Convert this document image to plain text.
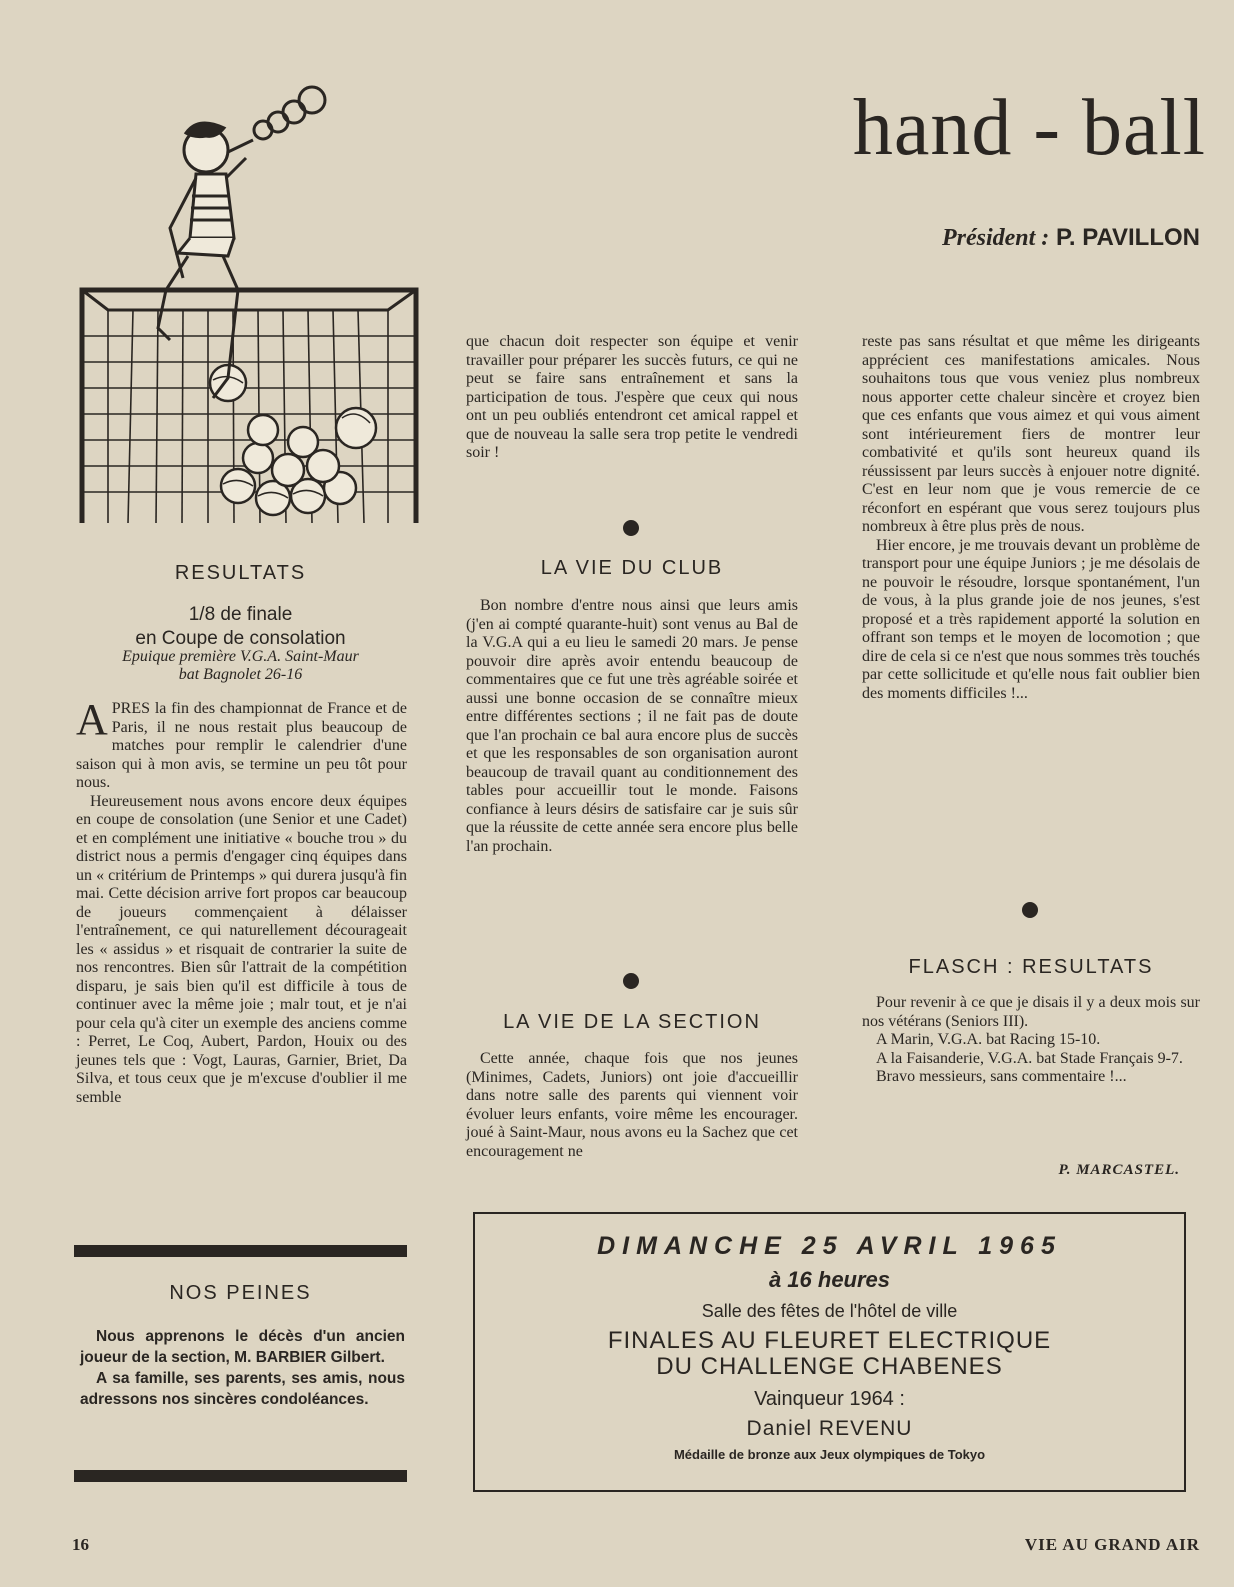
hand - ball
Président : P. PAVILLON
RESULTATS
1/8 de finale
en Coupe de consolation
Epuique première V.G.A. Saint-Maur
bat Bagnolet 26-16

APRES la fin des championnat de France et de Paris, il ne nous restait plus beaucoup de matches pour remplir le calendrier d'une saison qui à mon avis, se termine un peu tôt pour nous.

Heureusement nous avons encore deux équipes en coupe de consolation (une Senior et une Cadet) et en complément une initiative « bouche trou » du district nous a permis d'engager cinq équipes dans un « critérium de Printemps » qui durera jusqu'à fin mai. Cette décision arrive fort propos car beaucoup de joueurs commençaient à délaisser l'entraînement, ce qui naturellement décourageait les « assidus » et risquait de contrarier la suite de nos rencontres. Bien sûr l'attrait de la compétition disparu, je sais bien qu'il est difficile à tous de continuer avec la même joie ; malr tout, et je n'ai pour cela qu'à citer un exemple des anciens comme : Perret, Le Coq, Aubert, Pardon, Houix ou des jeunes tels que : Vogt, Lauras, Garnier, Briet, Da Silva, et tous ceux que je m'excuse d'oublier il me semble

NOS PEINES

Nous apprenons le décès d'un ancien joueur de la section, M. BARBIER Gilbert.

A sa famille, ses parents, ses amis, nous adressons nos sincères condoléances.

que chacun doit respecter son équipe et venir travailler pour préparer les succès futurs, ce qui ne peut se faire sans entraînement et sans la participation de tous. J'espère que ceux qui nous ont un peu oubliés entendront cet amical rappel et que de nouveau la salle sera trop petite le vendredi soir !

LA VIE DU CLUB

Bon nombre d'entre nous ainsi que leurs amis (j'en ai compté quarante-huit) sont venus au Bal de la V.G.A qui a eu lieu le samedi 20 mars. Je pense pouvoir dire après avoir entendu beaucoup de commentaires que ce fut une très agréable soirée et aussi une bonne occasion de se connaître mieux entre différentes sections ; il ne fait pas de doute que l'an prochain ce bal aura encore plus de succès et que les responsables de son organisation auront beaucoup de travail quant au conditionnement des tables pour accueillir tout le monde. Faisons confiance à leurs désirs de satisfaire car je suis sûr que la réussite de cette année sera encore plus belle l'an prochain.

LA VIE DE LA SECTION

Cette année, chaque fois que nos jeunes (Minimes, Cadets, Juniors) ont joie d'accueillir dans notre salle des parents qui viennent voir évoluer leurs enfants, voire même les encourager. joué à Saint-Maur, nous avons eu la Sachez que cet encouragement ne

reste pas sans résultat et que même les dirigeants apprécient ces manifestations amicales. Nous souhaitons tous que vous veniez plus nombreux nous apporter cette chaleur sincère et croyez bien que ces enfants que vous aimez et qui vous aiment sont intérieurement fiers de montrer leur combativité et qu'ils sont heureux quand ils réussissent par leurs succès à enjouer notre dignité. C'est en leur nom que je vous remercie de ce réconfort en espérant que vous serez toujours plus nombreux à être plus près de nous.

Hier encore, je me trouvais devant un problème de transport pour une équipe Juniors ; je me désolais de ne pouvoir le résoudre, lorsque spontanément, l'un de vous, à la plus grande joie de nos jeunes, s'est proposé et a très rapidement apporté la solution en offrant son temps et le moyen de locomotion ; que dire de cela si ce n'est que nous sommes très touchés par cette sollicitude et qu'elle nous fait oublier bien des moments difficiles !...

FLASCH : RESULTATS

Pour revenir à ce que je disais il y a deux mois sur nos vétérans (Seniors III).

A Marin, V.G.A. bat Racing 15-10.

A la Faisanderie, V.G.A. bat Stade Français 9-7.

Bravo messieurs, sans commentaire !...

P. MARCASTEL.
DIMANCHE 25 AVRIL 1965
à 16 heures
Salle des fêtes de l'hôtel de ville
FINALES AU FLEURET ELECTRIQUE
DU CHALLENGE CHABENES
Vainqueur 1964 :
Daniel REVENU
Médaille de bronze aux Jeux olympiques de Tokyo
16	VIE AU GRAND AIR
